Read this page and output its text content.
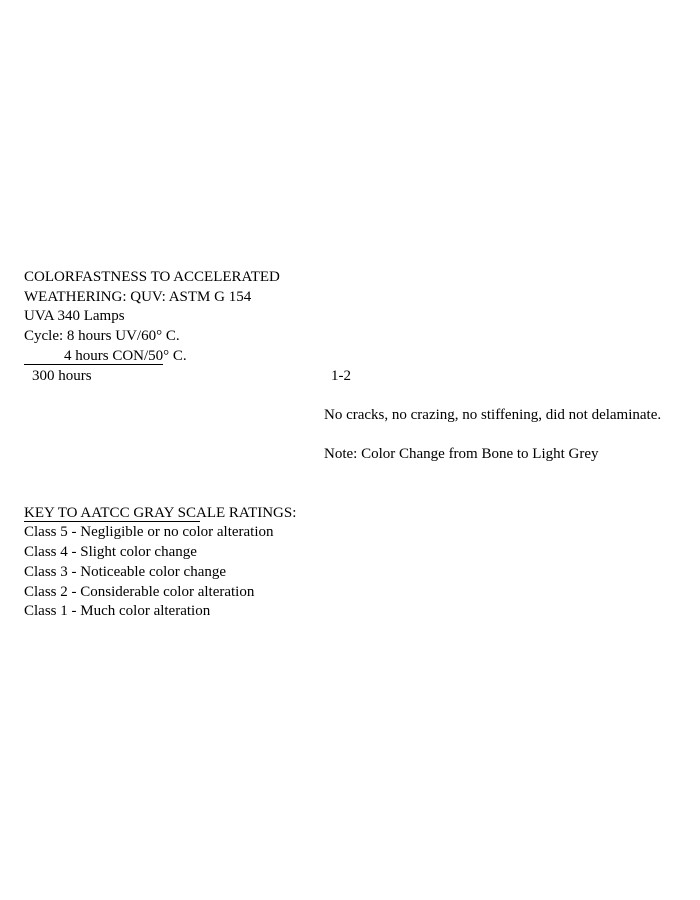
COLORFASTNESS TO ACCELERATED

WEATHERING: QUV: ASTM G 154

UVA 340 Lamps

Cycle: 8 hours UV/60° C.

4 hours CON/50° C.

300 hours	1-2

No cracks, no crazing, no stiffening, did not delaminate.

Note: Color Change from Bone to Light Grey

KEY TO AATCC GRAY SCALE RATINGS:

Class 5 - Negligible or no color alteration

Class 4 - Slight color change

Class 3 - Noticeable color change

Class 2 - Considerable color alteration

Class 1 - Much color alteration
